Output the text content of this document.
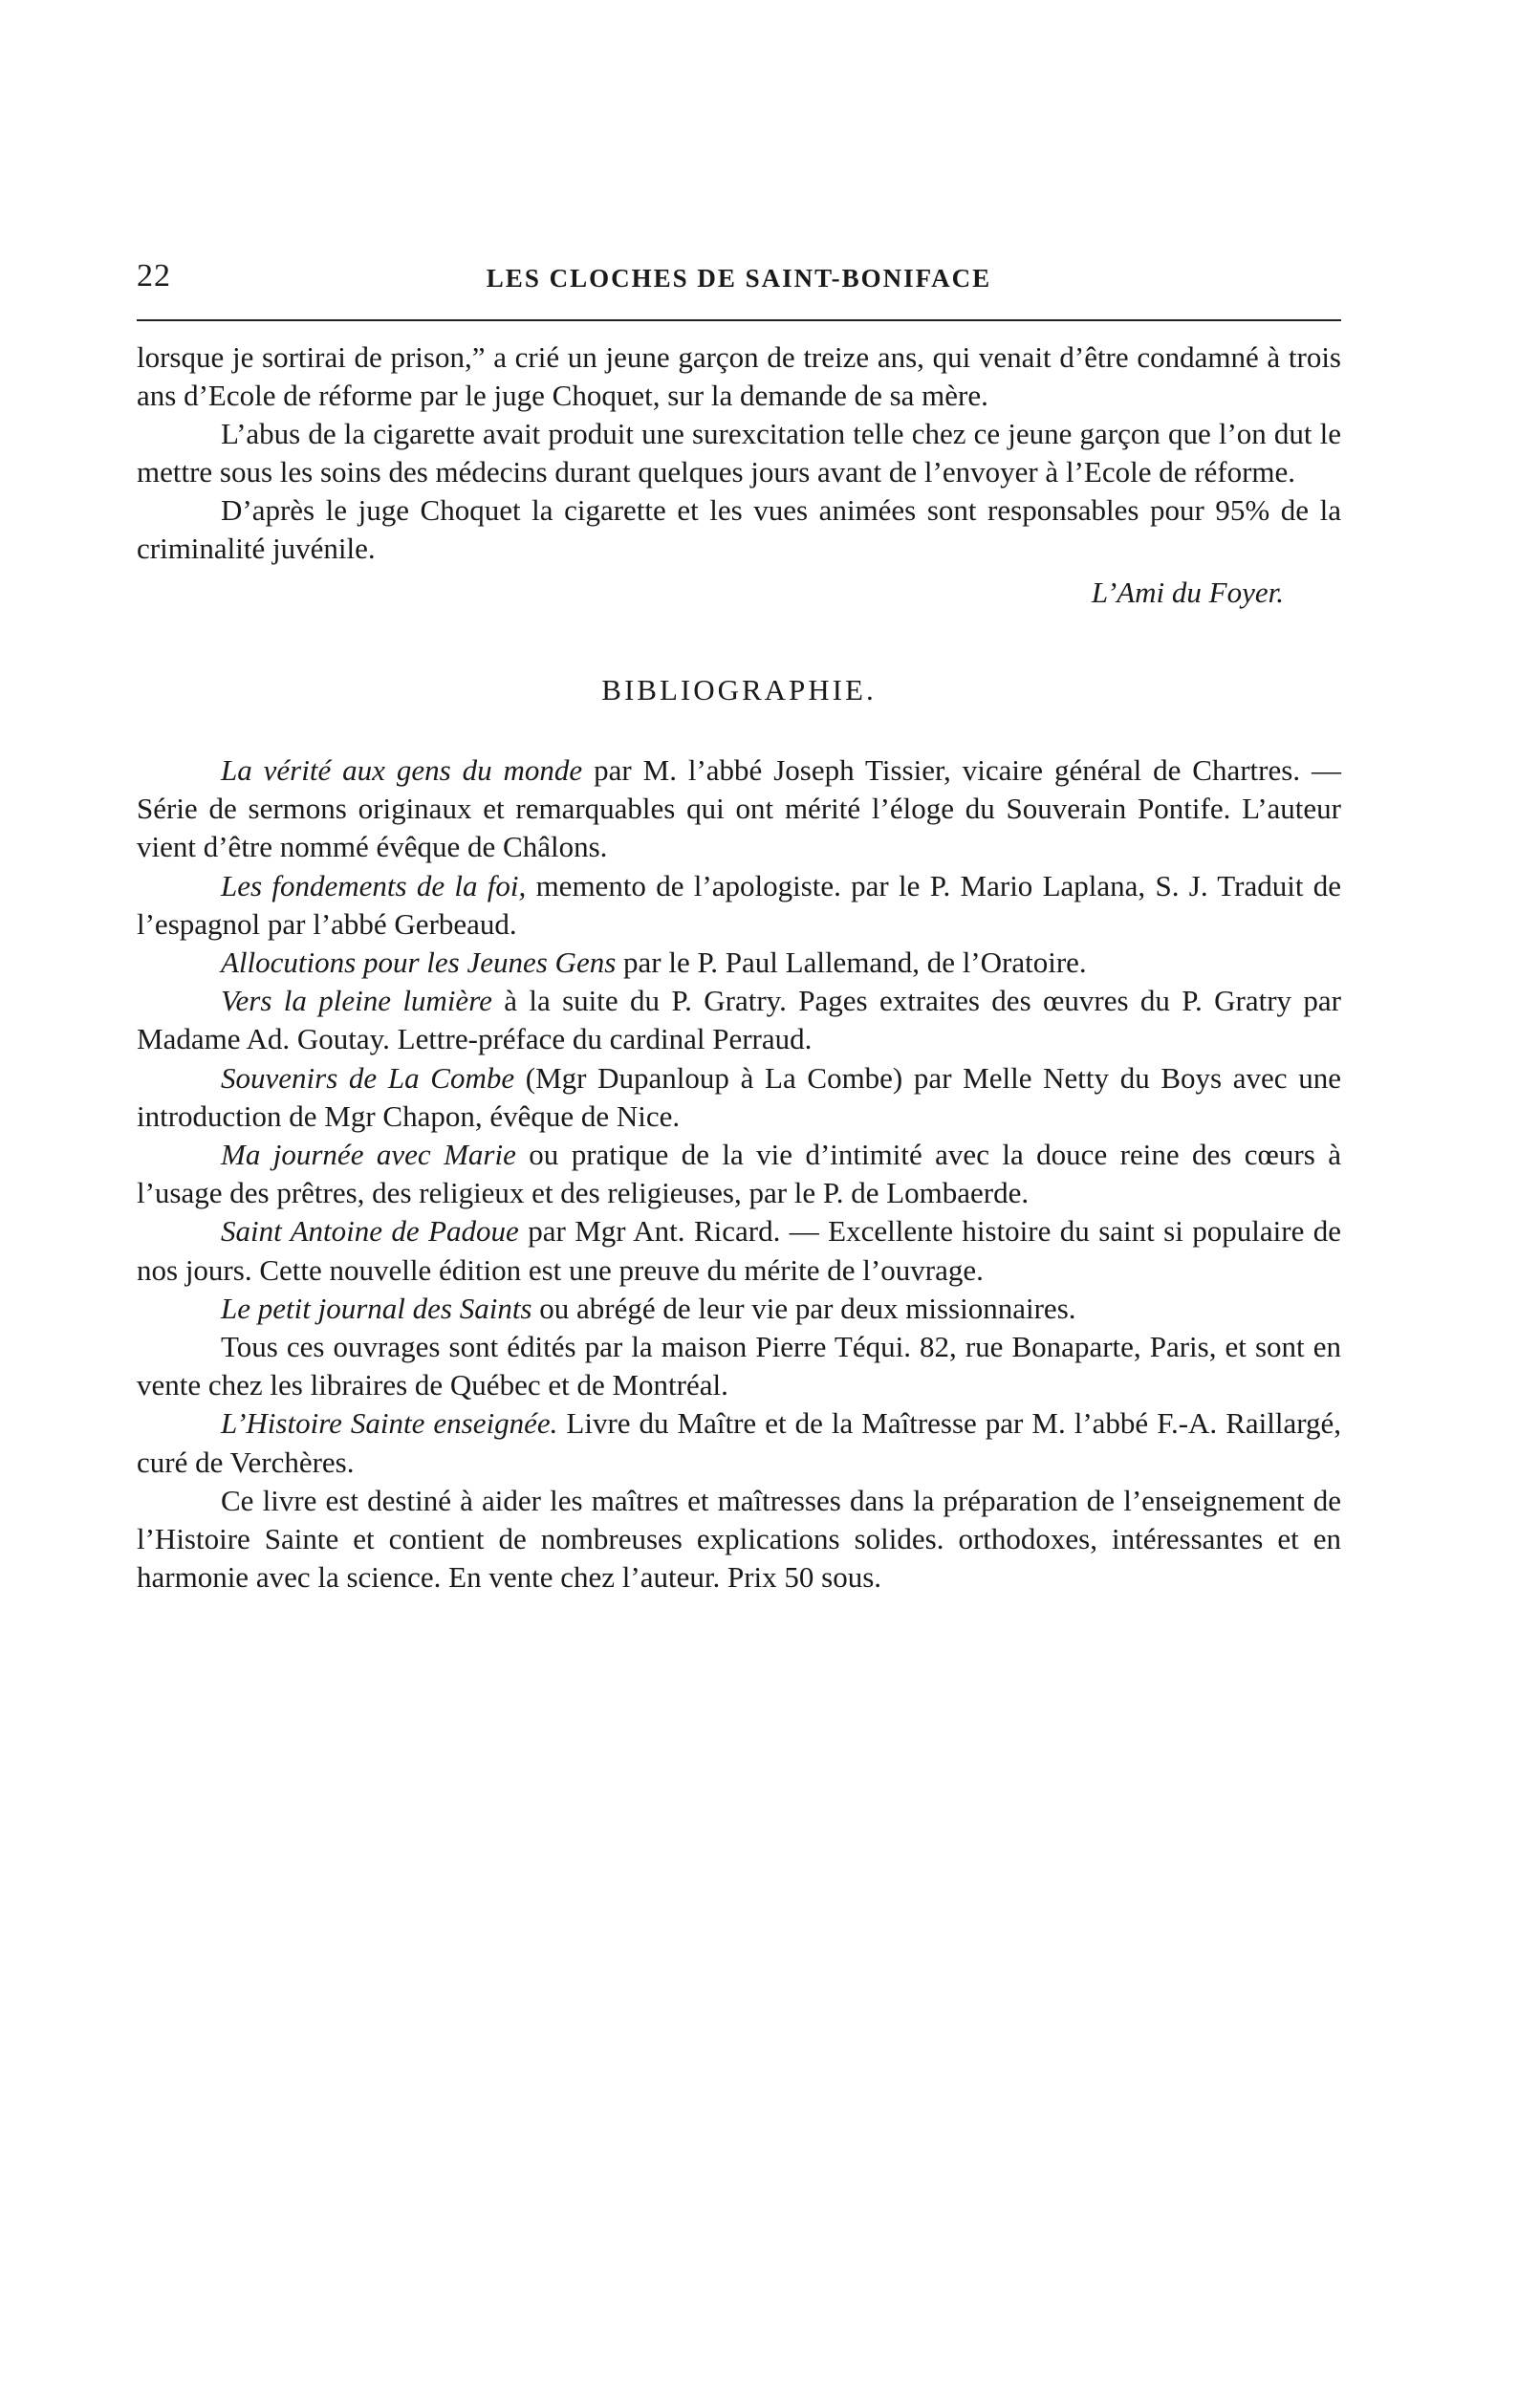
22	LES CLOCHES DE SAINT-BONIFACE

lorsque je sortirai de prison,” a crié un jeune garçon de treize ans, qui venait d’être condamné à trois ans d’Ecole de réforme par le juge Choquet, sur la demande de sa mère.

L’abus de la cigarette avait produit une surexcitation telle chez ce jeune garçon que l’on dut le mettre sous les soins des médecins durant quelques jours avant de l’envoyer à l’Ecole de réforme.

D’après le juge Choquet la cigarette et les vues animées sont responsables pour 95% de la criminalité juvénile.

L’Ami du Foyer.
BIBLIOGRAPHIE.

La vérité aux gens du monde par M. l’abbé Joseph Tissier, vicaire général de Chartres. — Série de sermons originaux et remarquables qui ont mérité l’éloge du Souverain Pontife. L’auteur vient d’être nommé évêque de Châlons.

Les fondements de la foi, memento de l’apologiste. par le P. Mario Laplana, S. J. Traduit de l’espagnol par l’abbé Gerbeaud.

Allocutions pour les Jeunes Gens par le P. Paul Lallemand, de l’Oratoire.

Vers la pleine lumière à la suite du P. Gratry. Pages extraites des œuvres du P. Gratry par Madame Ad. Goutay. Lettre-préface du cardinal Perraud.

Souvenirs de La Combe (Mgr Dupanloup à La Combe) par Melle Netty du Boys avec une introduction de Mgr Chapon, évêque de Nice.

Ma journée avec Marie ou pratique de la vie d’intimité avec la douce reine des cœurs à l’usage des prêtres, des religieux et des religieuses, par le P. de Lombaerde.

Saint Antoine de Padoue par Mgr Ant. Ricard. — Excellente histoire du saint si populaire de nos jours. Cette nouvelle édition est une preuve du mérite de l’ouvrage.

Le petit journal des Saints ou abrégé de leur vie par deux missionnaires.

Tous ces ouvrages sont édités par la maison Pierre Téqui. 82, rue Bonaparte, Paris, et sont en vente chez les libraires de Québec et de Montréal.

L’Histoire Sainte enseignée. Livre du Maître et de la Maîtresse par M. l’abbé F.-A. Raillargé, curé de Verchères.

Ce livre est destiné à aider les maîtres et maîtresses dans la préparation de l’enseignement de l’Histoire Sainte et contient de nombreuses explications solides. orthodoxes, intéressantes et en harmonie avec la science. En vente chez l’auteur. Prix 50 sous.
